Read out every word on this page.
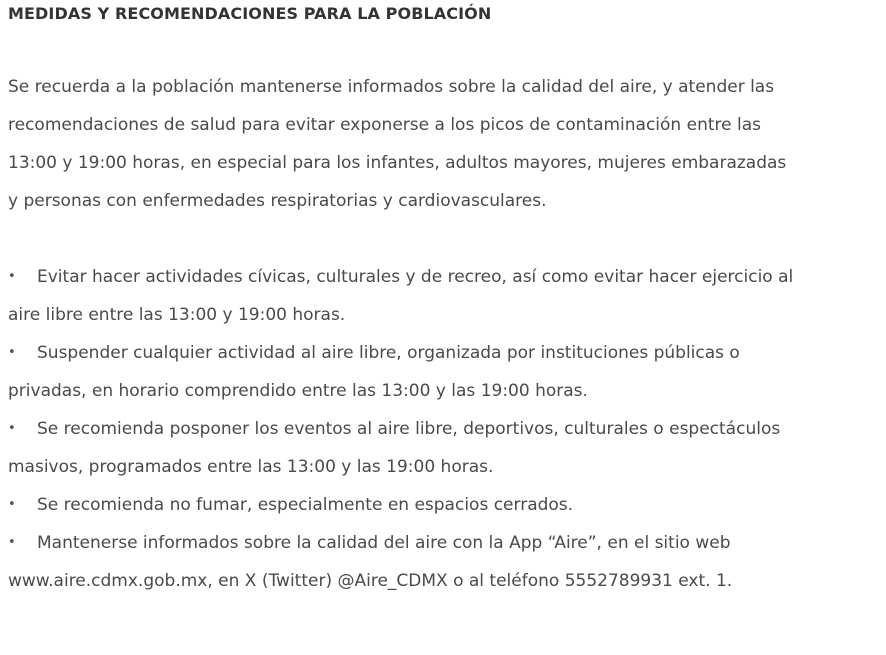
MEDIDAS Y RECOMENDACIONES PARA LA POBLACIÓN

Se recuerda a la población mantenerse informados sobre la calidad del aire, y atender las recomendaciones de salud para evitar exponerse a los picos de contaminación entre las 13:00 y 19:00 horas, en especial para los infantes, adultos mayores, mujeres embarazadas y personas con enfermedades respiratorias y cardiovasculares.

• Evitar hacer actividades cívicas, culturales y de recreo, así como evitar hacer ejercicio al aire libre entre las 13:00 y 19:00 horas.
• Suspender cualquier actividad al aire libre, organizada por instituciones públicas o privadas, en horario comprendido entre las 13:00 y las 19:00 horas.
• Se recomienda posponer los eventos al aire libre, deportivos, culturales o espectáculos masivos, programados entre las 13:00 y las 19:00 horas.
• Se recomienda no fumar, especialmente en espacios cerrados.
• Mantenerse informados sobre la calidad del aire con la App “Aire”, en el sitio web www.aire.cdmx.gob.mx, en X (Twitter) @Aire_CDMX o al teléfono 5552789931 ext. 1.
